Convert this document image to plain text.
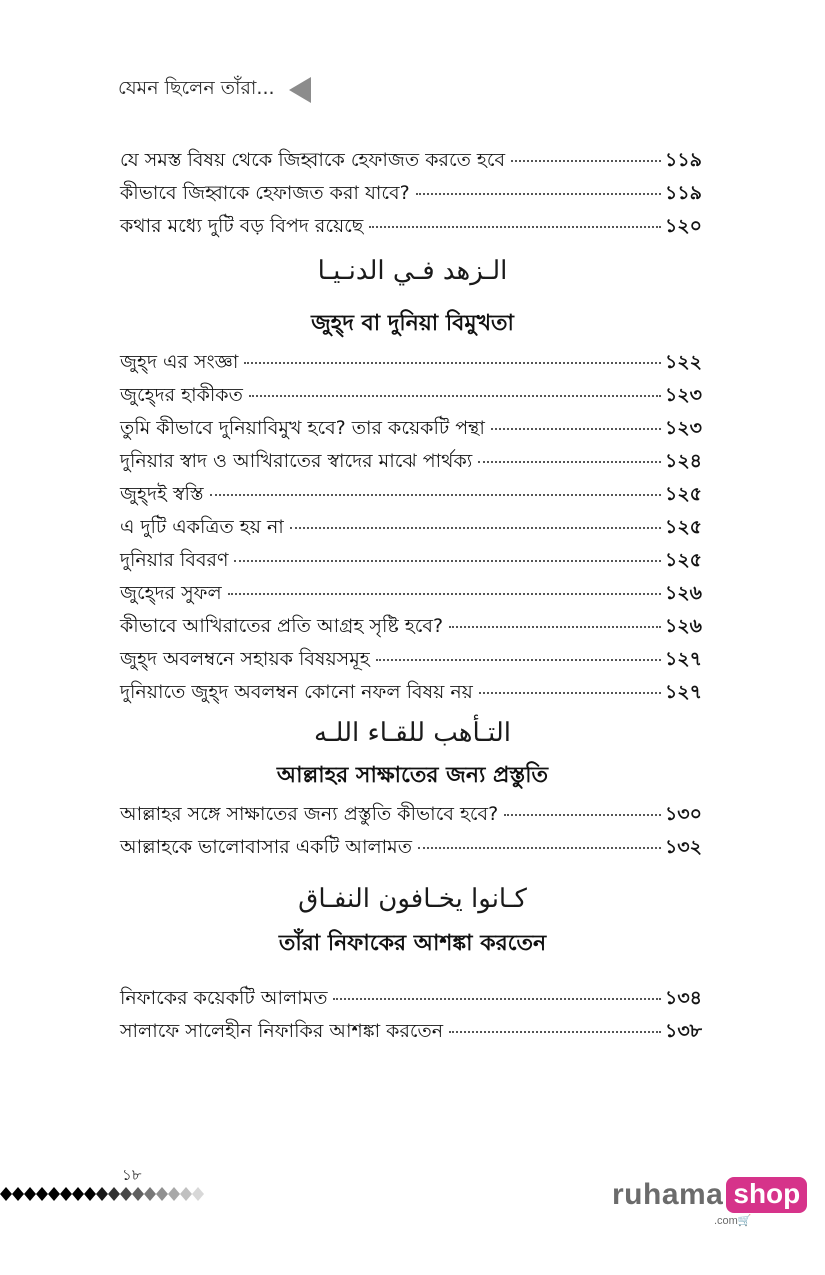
যেমন ছিলেন তাঁরা...
যে সমস্ত বিষয় থেকে জিহ্বাকে হেফাজত করতে হবে	১১৯
কীভাবে জিহ্বাকে হেফাজত করা যাবে?	১১৯
কথার মধ্যে দুটি বড় বিপদ রয়েছে	১২০
الـزهد فـي الدنـيـا
জুহ্দ বা দুনিয়া বিমুখতা
জুহ্দ এর সংজ্ঞা	১২২
জুহ্দের হাকীকত	১২৩
তুমি কীভাবে দুনিয়াবিমুখ হবে? তার কয়েকটি পন্থা	১২৩
দুনিয়ার স্বাদ ও আখিরাতের স্বাদের মাঝে পার্থক্য	১২৪
জুহ্দই স্বস্তি	১২৫
এ দুটি একত্রিত হয় না	১২৫
দুনিয়ার বিবরণ	১২৫
জুহ্দের সুফল	১২৬
কীভাবে আখিরাতের প্রতি আগ্রহ সৃষ্টি হবে?	১২৬
জুহ্দ অবলম্বনে সহায়ক বিষয়সমূহ	১২৭
দুনিয়াতে জুহ্দ অবলম্বন কোনো নফল বিষয় নয়	১২৭
التـأهب للقـاء اللـه
আল্লাহর সাক্ষাতের জন্য প্রস্তুতি
আল্লাহর সঙ্গে সাক্ষাতের জন্য প্রস্তুতি কীভাবে হবে?	১৩০
আল্লাহকে ভালোবাসার একটি আলামত	১৩২
كـانوا يخـافون النفـاق
তাঁরা নিফাকের আশঙ্কা করতেন
নিফাকের কয়েকটি আলামত	১৩৪
সালাফে সালেহীন নিফাকির আশঙ্কা করতেন	১৩৮
১৮
ruhama shop
.com🛒
